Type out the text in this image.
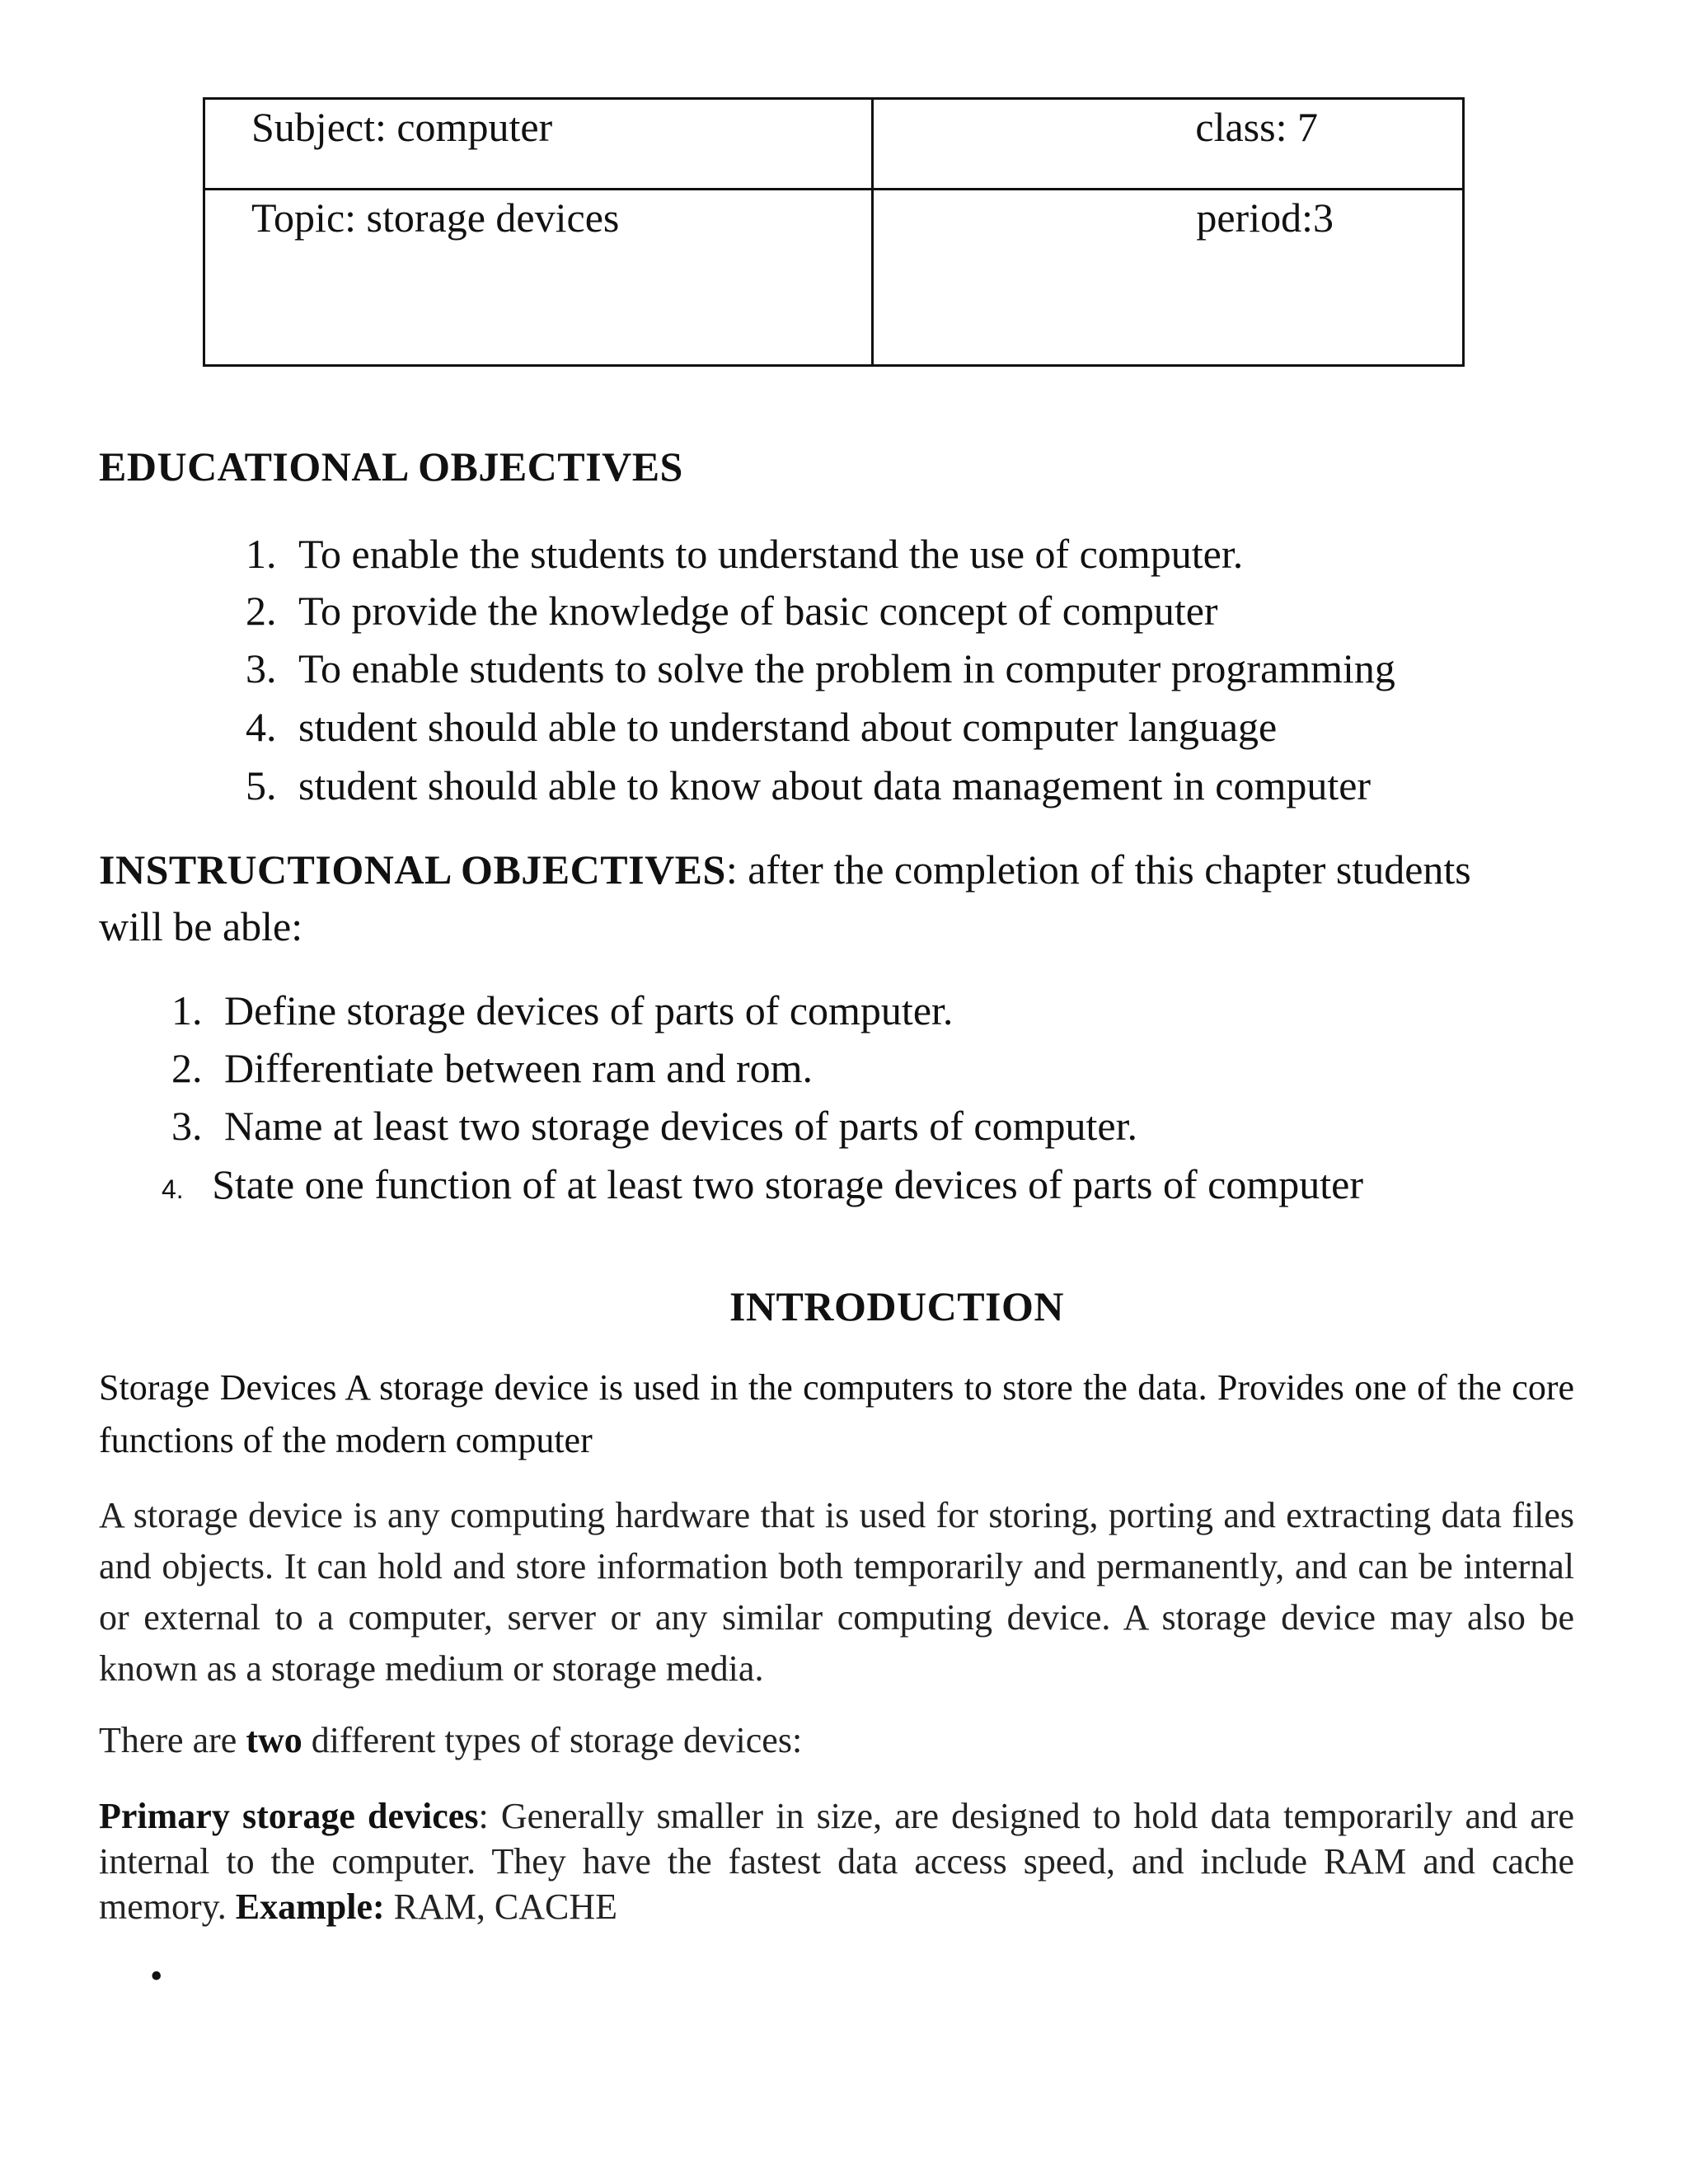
Subject: computer	class: 7
Topic: storage devices	period:3
EDUCATIONAL OBJECTIVES
1. To enable the students to understand the use of computer.
2. To provide the knowledge of basic concept of computer
3. To enable students to solve the problem in computer programming
4. student should able to understand about computer language
5. student should able to know about data management in computer
INSTRUCTIONAL OBJECTIVES: after the completion of this chapter students
will be able:
1. Define storage devices of parts of computer.
2. Differentiate between ram and rom.
3. Name at least two storage devices of parts of computer.
4. State one function of at least two storage devices of parts of computer
INTRODUCTION
Storage Devices A storage device is used in the computers to store the data. Provides one of the core functions of the modern computer
A storage device is any computing hardware that is used for storing, porting and extracting data files and objects. It can hold and store information both temporarily and permanently, and can be internal or external to a computer, server or any similar computing device. A storage device may also be known as a storage medium or storage media.
There are two different types of storage devices:
Primary storage devices: Generally smaller in size, are designed to hold data temporarily and are internal to the computer. They have the fastest data access speed, and include RAM and cache memory. Example: RAM, CACHE
•
